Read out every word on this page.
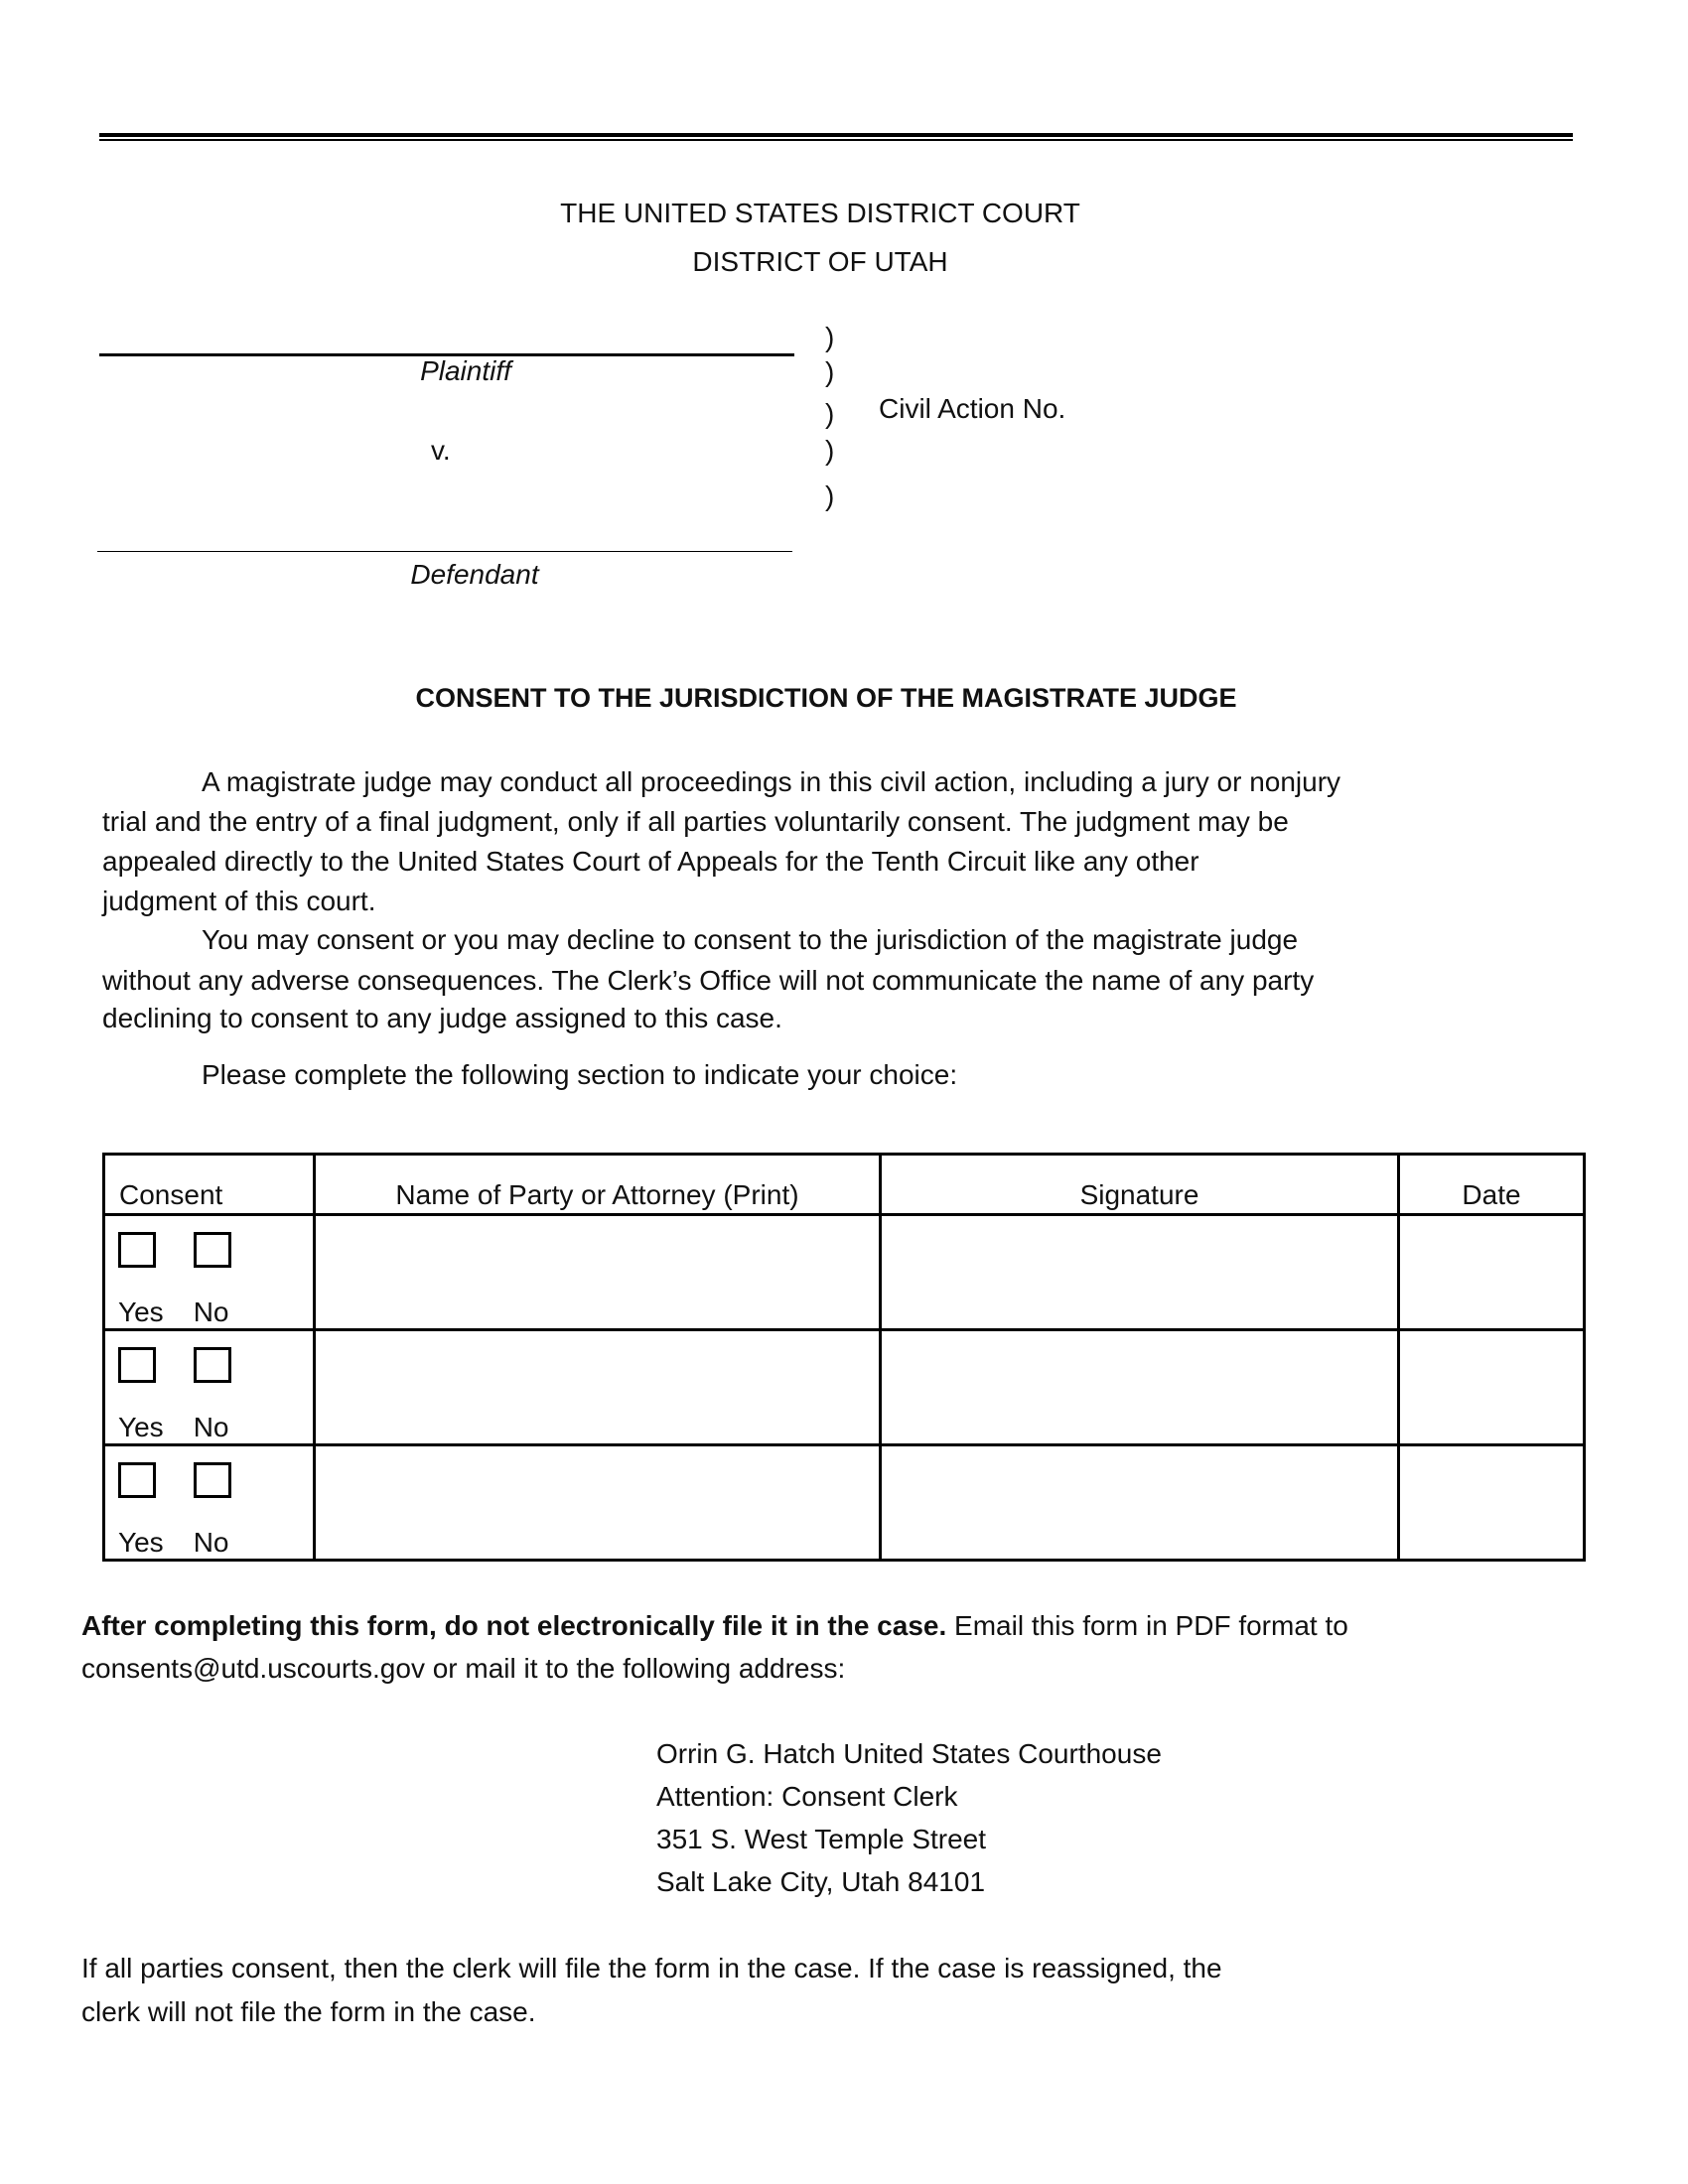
THE UNITED STATES DISTRICT COURT
DISTRICT OF UTAH
Plaintiff
v.
Defendant
)
)
)
)
)
Civil Action No.
CONSENT TO THE JURISDICTION OF THE MAGISTRATE JUDGE
A magistrate judge may conduct all proceedings in this civil action, including a jury or nonjury
trial and the entry of a final judgment, only if all parties voluntarily consent. The judgment may be
appealed directly to the United States Court of Appeals for the Tenth Circuit like any other
judgment of this court.
You may consent or you may decline to consent to the jurisdiction of the magistrate judge
without any adverse consequences. The Clerk’s Office will not communicate the name of any party
declining to consent to any judge assigned to this case.
Please complete the following section to indicate your choice:
Consent	Name of Party or Attorney (Print)	Signature	Date

Yes No			

Yes No			

Yes No			

After completing this form, do not electronically file it in the case. Email this form in PDF format to
consents@utd.uscourts.gov or mail it to the following address:
Orrin G. Hatch United States Courthouse
Attention: Consent Clerk
351 S. West Temple Street
Salt Lake City, Utah 84101
If all parties consent, then the clerk will file the form in the case. If the case is reassigned, the
clerk will not file the form in the case.
